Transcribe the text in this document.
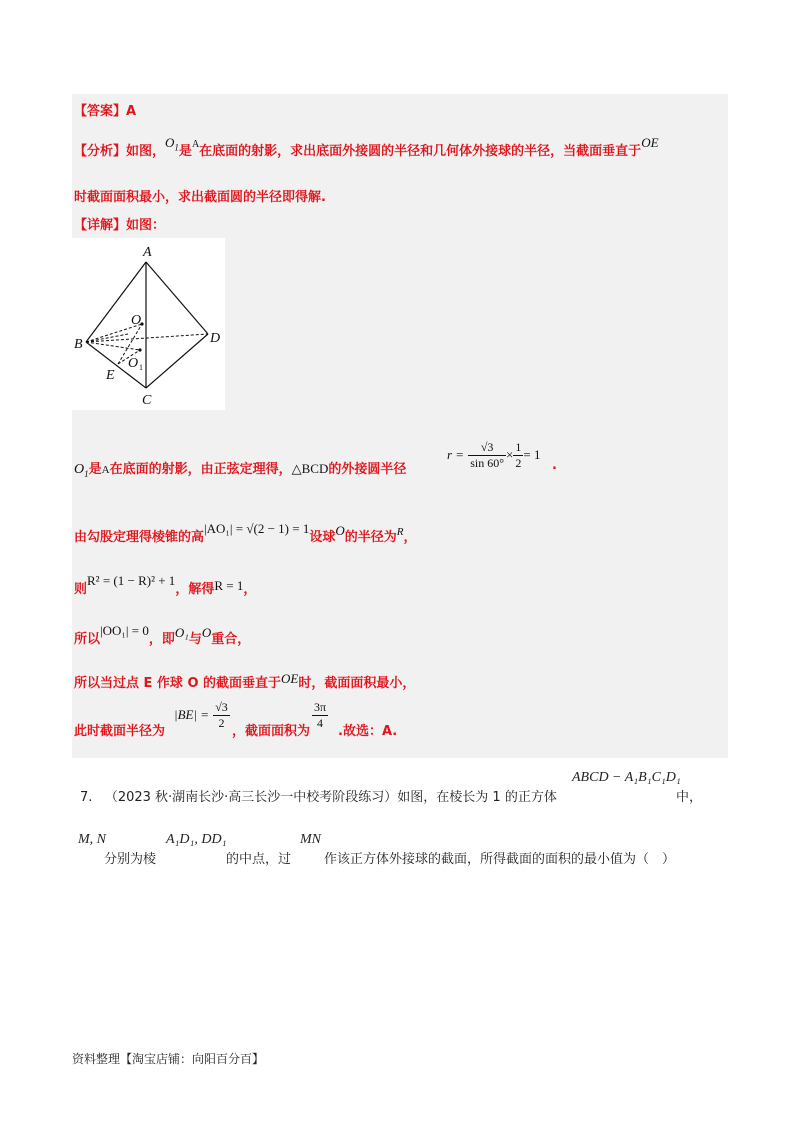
【答案】A
【分析】如图，$O_1$是$^A$在底面的射影，求出底面外接圆的半径和几何体外接球的半径，当截面垂直于OE
时截面面积最小，求出截面圆的半径即得解.
【详解】如图：
A
B
C
D
E
O
O 1
$O_1$是A在底面的射影，由正弦定理得，△BCD的外接圆半径
$r = \frac{√3}{\sin 60^\circ} \times \frac{1}{2} = 1$
.
由勾股定理得棱锥的高|AO₁| = √(2 − 1) = 1设球O的半径为$^R$，
则R² = (1 − R)² + 1，解得R = 1，
所以|OO₁| = 0，即O₁与O重合，
所以当过点 E 作球 O 的截面垂直于OE时，截面面积最小，
此时截面半径为
$|BE| = \frac{√3}{2}$
，截面面积为
$\frac{3\pi}{4}$
.故选：A.
7. （2023 秋·湖南长沙·高三长沙一中校考阶段练习）如图，在棱长为 1 的正方体
ABCD − A₁B₁C₁D₁
中，
M, N
分别为棱
A₁D₁, DD₁
的中点，过
MN
作该正方体外接球的截面，所得截面的面积的最小值为（　）
资料整理【淘宝店铺：向阳百分百】
